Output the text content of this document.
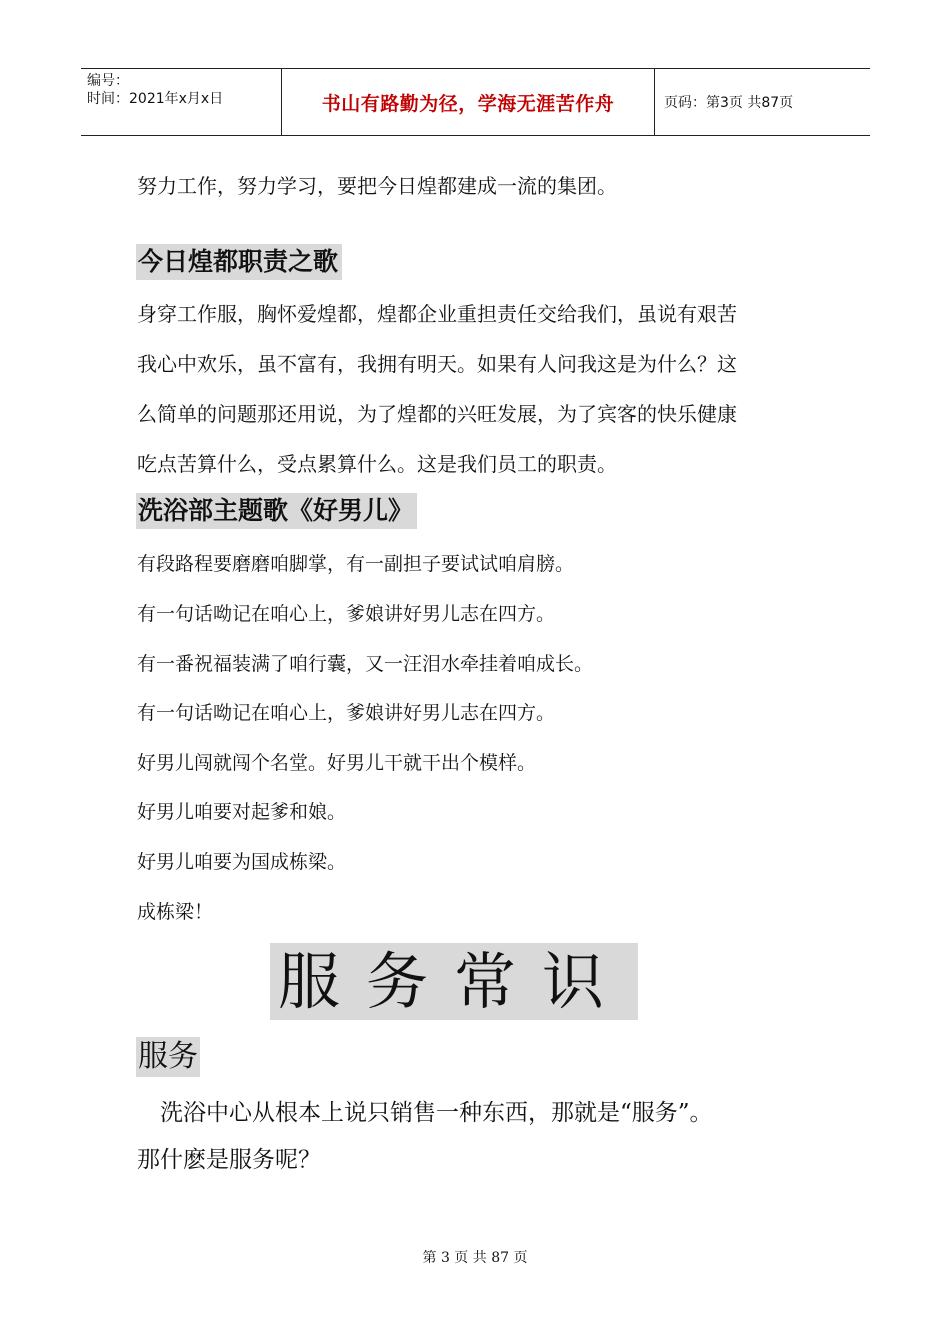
编号：
时间：2021年x月x日	书山有路勤为径，学海无涯苦作舟	页码：第3页 共87页
努力工作，努力学习，要把今日煌都建成一流的集团。
今日煌都职责之歌
身穿工作服，胸怀爱煌都，煌都企业重担责任交给我们，虽说有艰苦
我心中欢乐，虽不富有，我拥有明天。如果有人问我这是为什么？这
么简单的问题那还用说，为了煌都的兴旺发展，为了宾客的快乐健康
吃点苦算什么，受点累算什么。这是我们员工的职责。
洗浴部主题歌《好男儿》
有段路程要磨磨咱脚掌，有一副担子要试试咱肩膀。
有一句话呦记在咱心上，爹娘讲好男儿志在四方。
有一番祝福装满了咱行囊，又一汪泪水牵挂着咱成长。
有一句话呦记在咱心上，爹娘讲好男儿志在四方。
好男儿闯就闯个名堂。好男儿干就干出个模样。
好男儿咱要对起爹和娘。
好男儿咱要为国成栋梁。
成栋梁！
服务常识
服务
　洗浴中心从根本上说只销售一种东西，那就是“服务”。
那什麽是服务呢？
第 3 页 共 87 页
